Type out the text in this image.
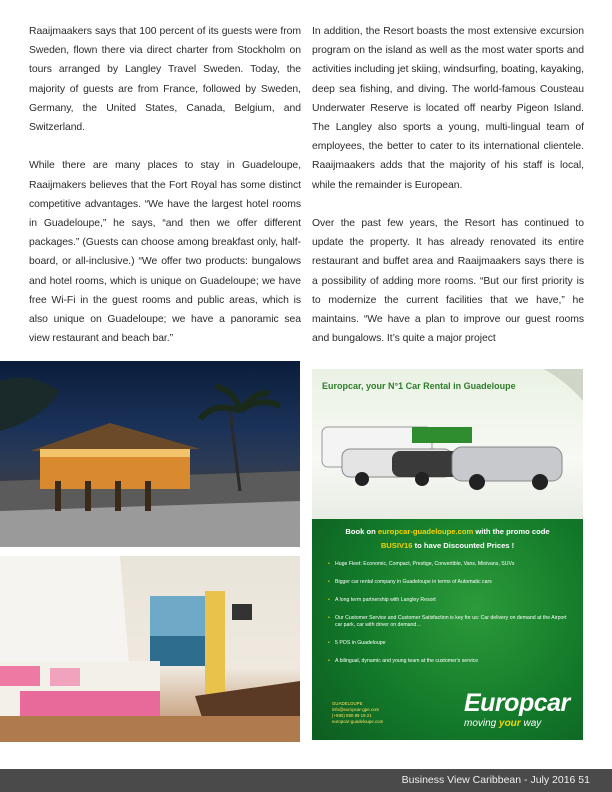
Raaijmaakers says that 100 percent of its guests were from Sweden, flown there via direct charter from Stockholm on tours arranged by Langley Travel Sweden. Today, the majority of guests are from France, followed by Sweden, Germany, the United States, Canada, Belgium, and Switzerland.

While there are many places to stay in Guadeloupe, Raaijmakers believes that the Fort Royal has some distinct competitive advantages. “We have the largest hotel rooms in Guadeloupe,” he says, “and then we offer different packages.” (Guests can choose among breakfast only, half-board, or all-inclusive.) “We offer two products: bungalows and hotel rooms, which is unique on Guadeloupe; we have free Wi-Fi in the guest rooms and public areas, which is also unique on Guadeloupe; we have a panoramic sea view restaurant and beach bar.”

In addition, the Resort boasts the most extensive excursion program on the island as well as the most water sports and activities including jet skiing, windsurfing, boating, kayaking, deep sea fishing, and diving. The world-famous Cousteau Underwater Reserve is located off nearby Pigeon Island. The Langley also sports a young, multi-lingual team of employees, the better to cater to its international clientele. Raaijmaakers adds that the majority of his staff is local, while the remainder is European.

Over the past few years, the Resort has continued to update the property. It has already renovated its entire restaurant and buffet area and Raaijmaakers says there is a possibility of adding more rooms. “But our first priority is to modernize the current facilities that we have,” he maintains. “We have a plan to improve our guest rooms and bungalows. It’s quite a major project

Europcar, your N°1 Car Rental in Guadeloupe
Book on europcar-guadeloupe.com with the promo code
BUSIV16 to have Discounted Prices !
• Huge Fleet: Economic, Compact, Prestige, Convertible, Vans, Minivans, SUVs
• Bigger car rental company in Guadeloupe in terms of Automatic cars
• A long term partnership with Langley Resort
• Our Customer Service and Customer Satisfaction is key for us: Car delivery on demand at the Airport car park, car with driver on demand…
• 5 POS in Guadeloupe
• A bilingual, dynamic and young team at the customer's service
GUADELOUPE
info@europcar-gpe.com
(+590) 590 89 19 21
europcar-guadeloupe.com
Europcar
moving your way
Business View Caribbean - July 2016 51
